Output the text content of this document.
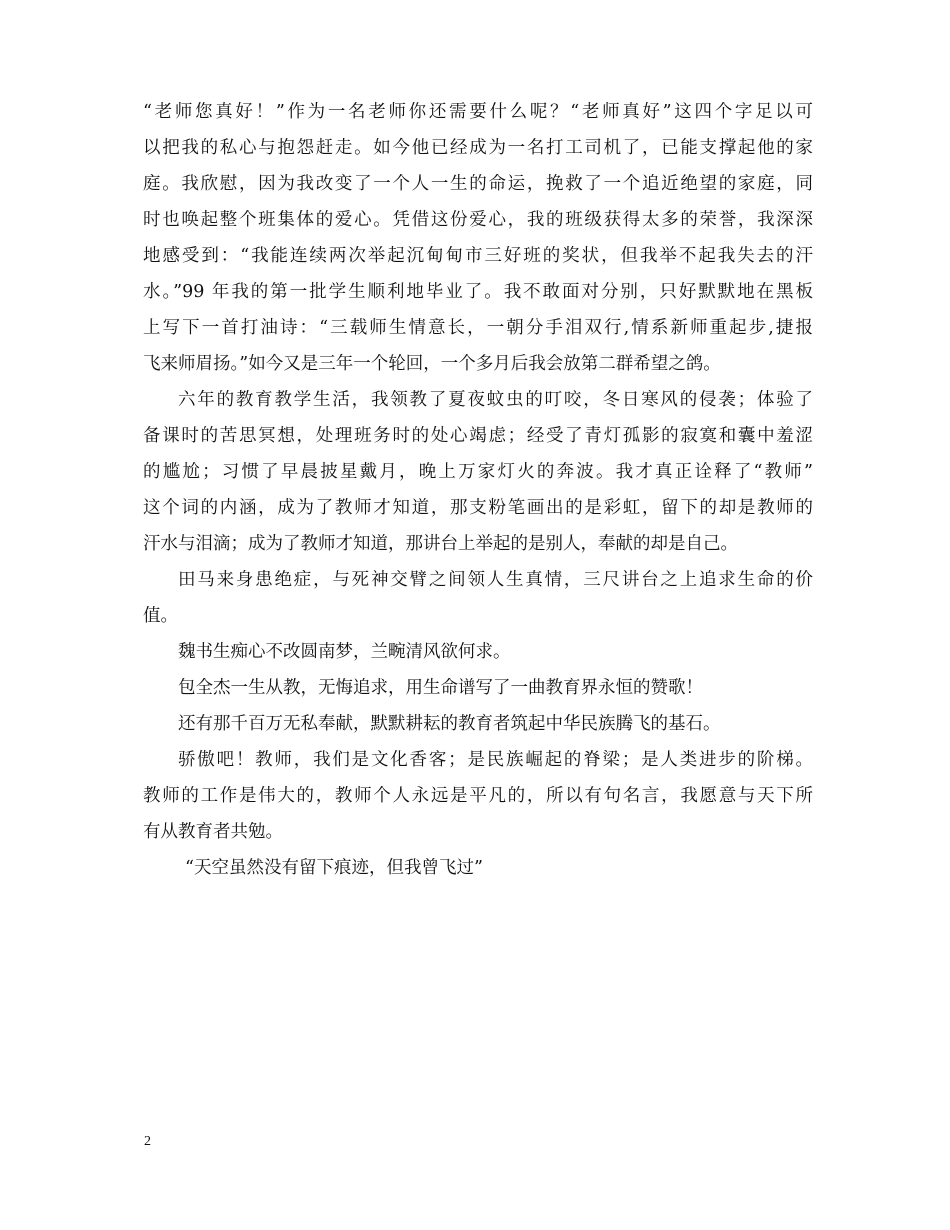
“老师您真好！”作为一名老师你还需要什么呢？“老师真好”这四个字足以可
以把我的私心与抱怨赶走。如今他已经成为一名打工司机了，已能支撑起他的家
庭。我欣慰，因为我改变了一个人一生的命运，挽救了一个追近绝望的家庭，同
时也唤起整个班集体的爱心。凭借这份爱心，我的班级获得太多的荣誉，我深深
地感受到：“我能连续两次举起沉甸甸市三好班的奖状，但我举不起我失去的汗
水。”99 年我的第一批学生顺利地毕业了。我不敢面对分别，只好默默地在黑板
上写下一首打油诗：“三载师生情意长，一朝分手泪双行,情系新师重起步,捷报
飞来师眉扬。”如今又是三年一个轮回，一个多月后我会放第二群希望之鸽。
六年的教育教学生活，我领教了夏夜蚊虫的叮咬，冬日寒风的侵袭；体验了
备课时的苦思冥想，处理班务时的处心竭虑；经受了青灯孤影的寂寞和囊中羞涩
的尴尬；习惯了早晨披星戴月，晚上万家灯火的奔波。我才真正诠释了“教师”
这个词的内涵，成为了教师才知道，那支粉笔画出的是彩虹，留下的却是教师的
汗水与泪滴；成为了教师才知道，那讲台上举起的是别人，奉献的却是自己。
田马来身患绝症，与死神交臂之间领人生真情，三尺讲台之上追求生命的价
值。
魏书生痴心不改圆南梦，兰畹清风欲何求。
包全杰一生从教，无悔追求，用生命谱写了一曲教育界永恒的赞歌！
还有那千百万无私奉献，默默耕耘的教育者筑起中华民族腾飞的基石。
骄傲吧！教师，我们是文化香客；是民族崛起的脊梁；是人类进步的阶梯。
教师的工作是伟大的，教师个人永远是平凡的，所以有句名言，我愿意与天下所
有从教育者共勉。
“天空虽然没有留下痕迹，但我曾飞过”
2
